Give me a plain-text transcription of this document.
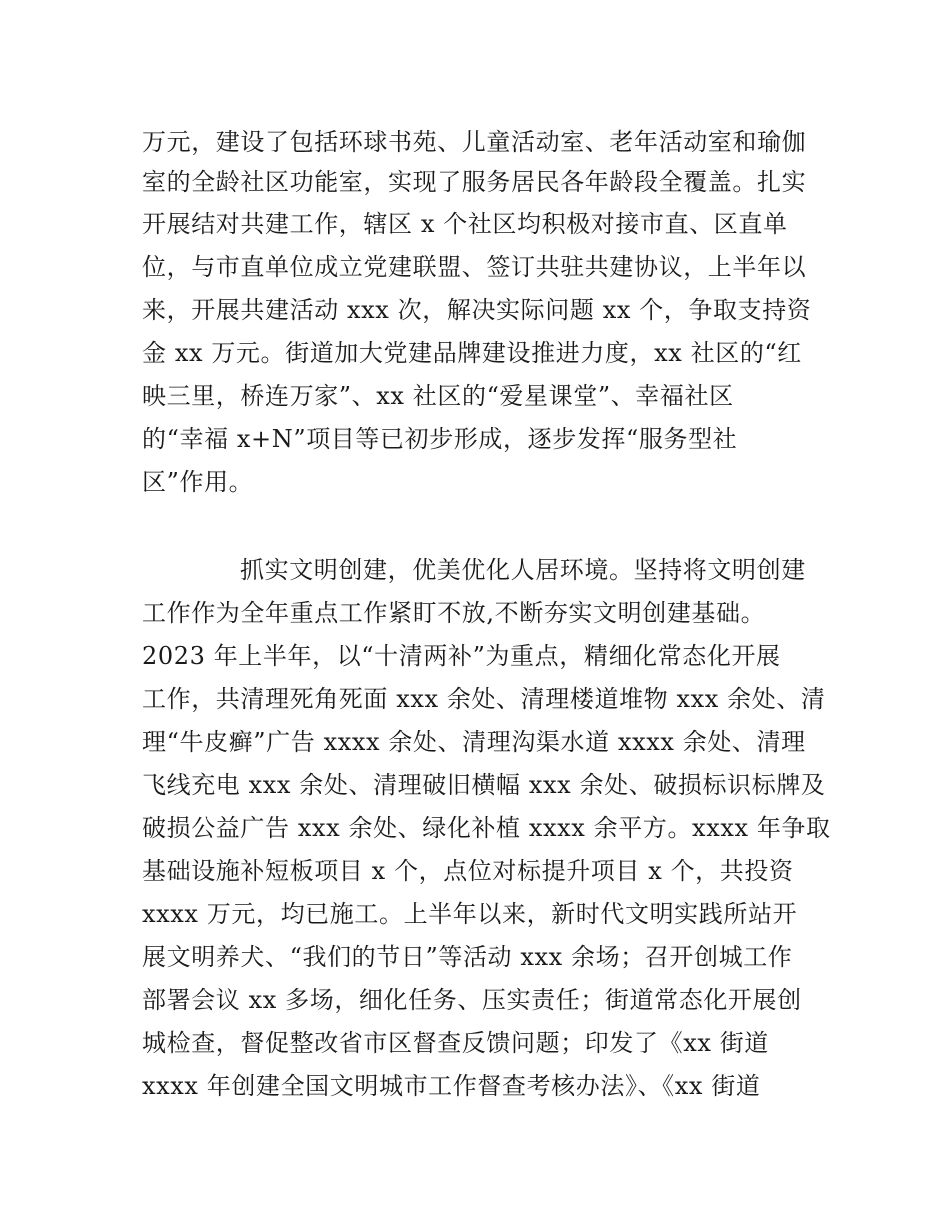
万元，建设了包括环球书苑、儿童活动室、老年活动室和瑜伽
室的全龄社区功能室，实现了服务居民各年龄段全覆盖。扎实
开展结对共建工作，辖区 x 个社区均积极对接市直、区直单
位，与市直单位成立党建联盟、签订共驻共建协议，上半年以
来，开展共建活动 xxx 次，解决实际问题 xx 个，争取支持资
金 xx 万元。街道加大党建品牌建设推进力度，xx 社区的“红
映三里，桥连万家”、xx 社区的“爱星课堂”、幸福社区
的“幸福 x+N”项目等已初步形成，逐步发挥“服务型社
区”作用。
抓实文明创建，优美优化人居环境。坚持将文明创建
工作作为全年重点工作紧盯不放,不断夯实文明创建基础。
2023 年上半年，以“十清两补”为重点，精细化常态化开展
工作，共清理死角死面 xxx 余处、清理楼道堆物 xxx 余处、清
理“牛皮癣”广告 xxxx 余处、清理沟渠水道 xxxx 余处、清理
飞线充电 xxx 余处、清理破旧横幅 xxx 余处、破损标识标牌及
破损公益广告 xxx 余处、绿化补植 xxxx 余平方。xxxx 年争取
基础设施补短板项目 x 个，点位对标提升项目 x 个，共投资
xxxx 万元，均已施工。上半年以来，新时代文明实践所站开
展文明养犬、“我们的节日”等活动 xxx 余场；召开创城工作
部署会议 xx 多场，细化任务、压实责任；街道常态化开展创
城检查，督促整改省市区督查反馈问题；印发了《xx 街道
xxxx 年创建全国文明城市工作督查考核办法》、《xx 街道
